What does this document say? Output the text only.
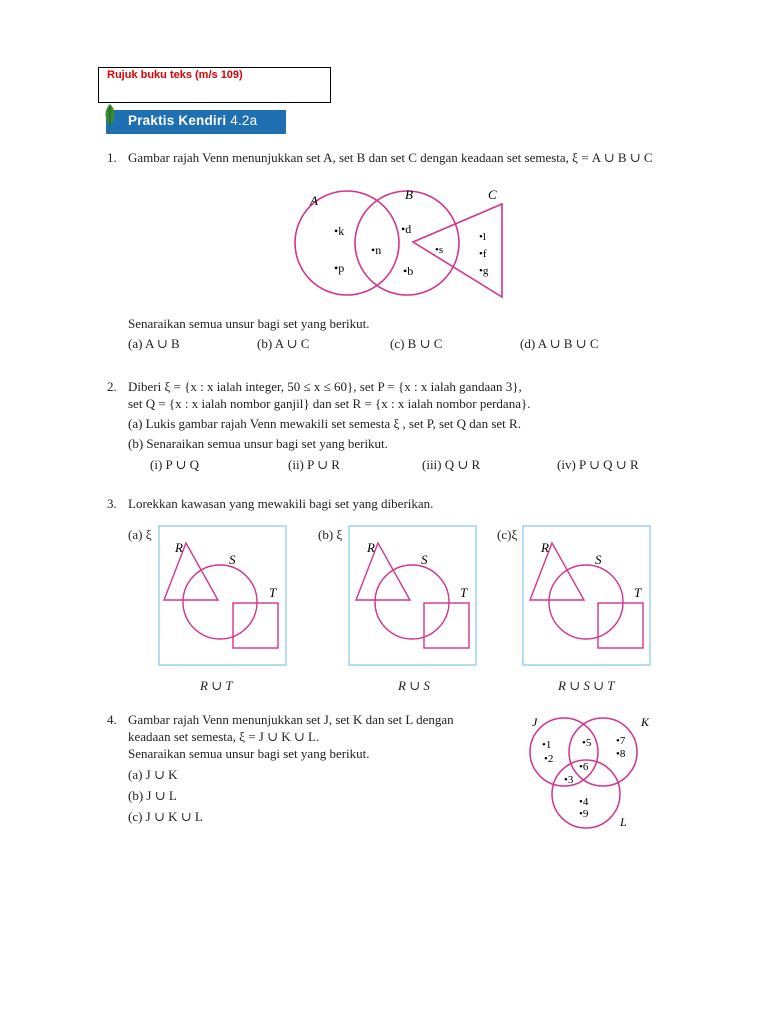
Rujuk buku teks (m/s 109)
Praktis Kendiri 4.2a
1. Gambar rajah Venn menunjukkan set A, set B dan set C dengan keadaan set semesta, ξ = A ∪ B ∪ C
A	B	C
•k
•p
•n
•d
•b
•s
•l
•f
•g
Senaraikan semua unsur bagi set yang berikut.
(a) A ∪ B	(b) A ∪ C	(c) B ∪ C	(d) A ∪ B ∪ C
2. Diberi ξ = {x : x ialah integer, 50 ≤ x ≤ 60}, set P = {x : x ialah gandaan 3},
set Q = {x : x ialah nombor ganjil} dan set R = {x : x ialah nombor perdana}.
(a) Lukis gambar rajah Venn mewakili set semesta ξ , set P, set Q dan set R.
(b) Senaraikan semua unsur bagi set yang berikut.
(i) P ∪ Q	(ii) P ∪ R	(iii) Q ∪ R	(iv) P ∪ Q ∪ R
3. Lorekkan kawasan yang mewakili bagi set yang diberikan.
(a) ξ
R
S
T
R ∪ T
(b) ξ
R
S
T
R ∪ S
(c)ξ
R
S
T
R ∪ S ∪ T
4. Gambar rajah Venn menunjukkan set J, set K dan set L dengan
keadaan set semesta, ξ = J ∪ K ∪ L.
Senaraikan semua unsur bagi set yang berikut.
(a) J ∪ K
(b) J ∪ L
(c) J ∪ K ∪ L
J	K
L
•1
•2
•5 •7
•8
•3
•6
•4
•9
